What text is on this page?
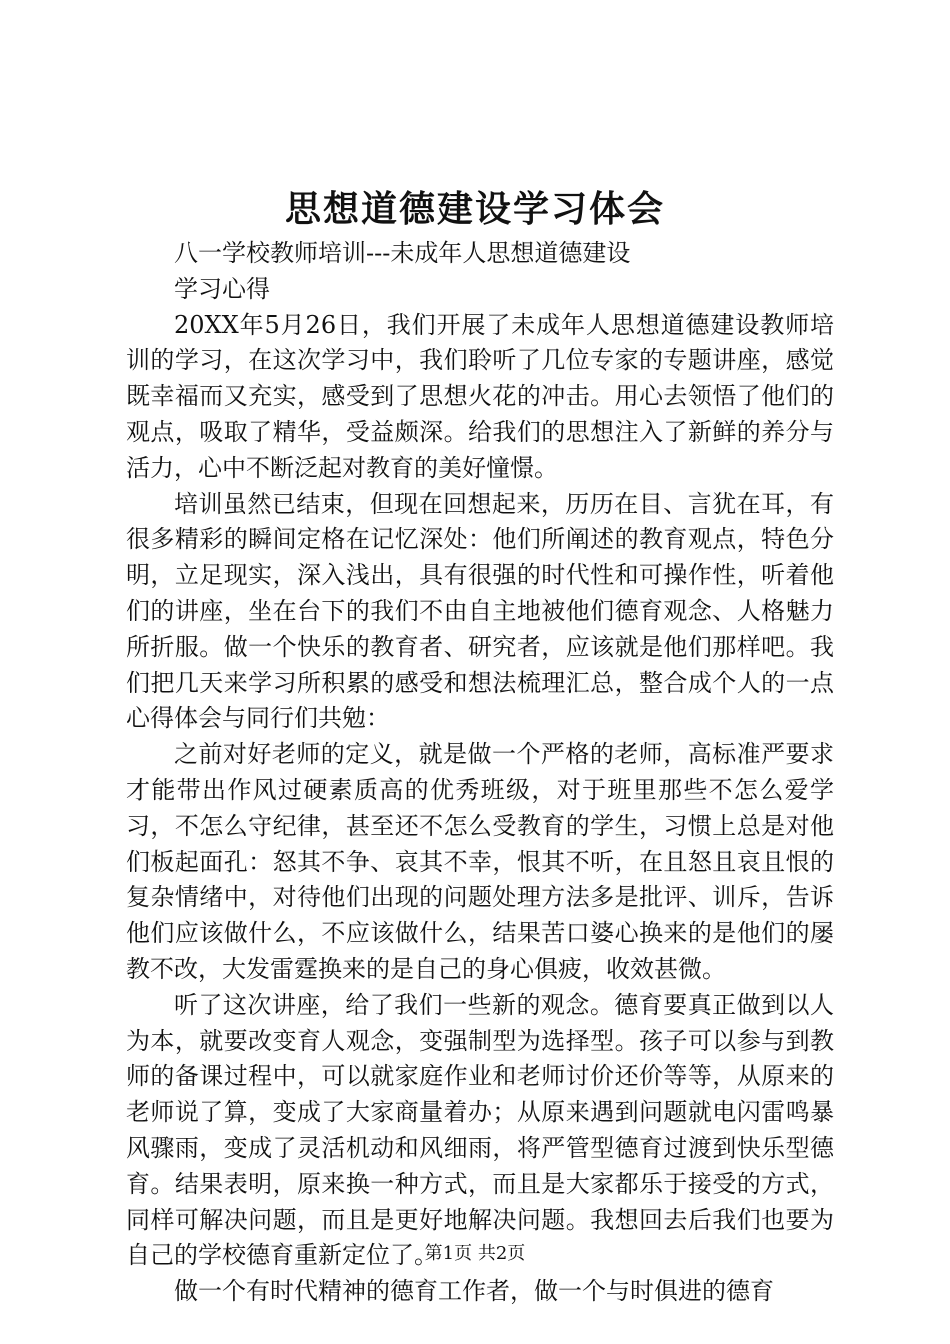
思想道德建设学习体会

八一学校教师培训---未成年人思想道德建设

学习心得

20XX年5月26日，我们开展了未成年人思想道德建设教师培训的学习，在这次学习中，我们聆听了几位专家的专题讲座，感觉既幸福而又充实，感受到了思想火花的冲击。用心去领悟了他们的观点，吸取了精华，受益颇深。给我们的思想注入了新鲜的养分与活力，心中不断泛起对教育的美好憧憬。

培训虽然已结束，但现在回想起来，历历在目、言犹在耳，有很多精彩的瞬间定格在记忆深处：他们所阐述的教育观点，特色分明，立足现实，深入浅出，具有很强的时代性和可操作性，听着他们的讲座，坐在台下的我们不由自主地被他们德育观念、人格魅力所折服。做一个快乐的教育者、研究者，应该就是他们那样吧。我们把几天来学习所积累的感受和想法梳理汇总，整合成个人的一点心得体会与同行们共勉：

之前对好老师的定义，就是做一个严格的老师，高标准严要求才能带出作风过硬素质高的优秀班级，对于班里那些不怎么爱学习，不怎么守纪律，甚至还不怎么受教育的学生，习惯上总是对他们板起面孔：怒其不争、哀其不幸，恨其不听，在且怒且哀且恨的复杂情绪中，对待他们出现的问题处理方法多是批评、训斥，告诉他们应该做什么，不应该做什么，结果苦口婆心换来的是他们的屡教不改，大发雷霆换来的是自己的身心俱疲，收效甚微。

听了这次讲座，给了我们一些新的观念。德育要真正做到以人为本，就要改变育人观念，变强制型为选择型。孩子可以参与到教师的备课过程中，可以就家庭作业和老师讨价还价等等，从原来的老师说了算，变成了大家商量着办；从原来遇到问题就电闪雷鸣暴风骤雨，变成了灵活机动和风细雨，将严管型德育过渡到快乐型德育。结果表明，原来换一种方式，而且是大家都乐于接受的方式，同样可解决问题，而且是更好地解决问题。我想回去后我们也要为自己的学校德育重新定位了。

做一个有时代精神的德育工作者，做一个与时俱进的德育

第1页 共2页
